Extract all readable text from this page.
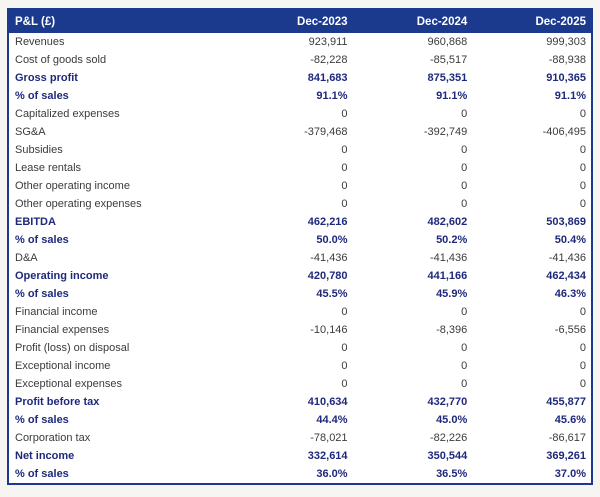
P&L (£)	Dec-2023	Dec-2024	Dec-2025
Revenues	923,911	960,868	999,303
Cost of goods sold	-82,228	-85,517	-88,938
Gross profit	841,683	875,351	910,365
% of sales	91.1%	91.1%	91.1%
Capitalized expenses	0	0	0
SG&A	-379,468	-392,749	-406,495
Subsidies	0	0	0
Lease rentals	0	0	0
Other operating income	0	0	0
Other operating expenses	0	0	0
EBITDA	462,216	482,602	503,869
% of sales	50.0%	50.2%	50.4%
D&A	-41,436	-41,436	-41,436
Operating income	420,780	441,166	462,434
% of sales	45.5%	45.9%	46.3%
Financial income	0	0	0
Financial expenses	-10,146	-8,396	-6,556
Profit (loss) on disposal	0	0	0
Exceptional income	0	0	0
Exceptional expenses	0	0	0
Profit before tax	410,634	432,770	455,877
% of sales	44.4%	45.0%	45.6%
Corporation tax	-78,021	-82,226	-86,617
Net income	332,614	350,544	369,261
% of sales	36.0%	36.5%	37.0%
